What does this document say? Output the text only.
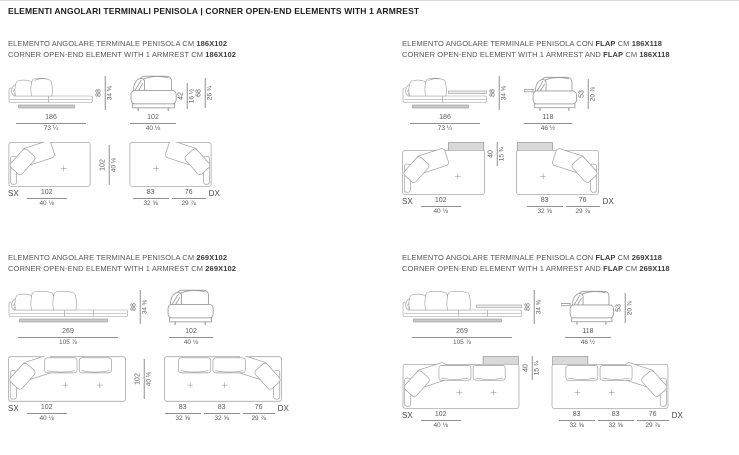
ELEMENTI ANGOLARI TERMINALI PENISOLA | CORNER OPEN-END ELEMENTS WITH 1 ARMREST
ELEMENTO ANGOLARE TERMINALE PENISOLA CM 186X102
CORNER OPEN-END ELEMENT WITH 1 ARMREST CM 186X102
88 34 ⅝	42 16 ½ 68 26 ¾
186
73 ¼
102
40 ⅛
102 40 ⅛
SX	102
40 ⅛
83
32 ⅝
76
29 ⅞
DX
ELEMENTO ANGOLARE TERMINALE PENISOLA CON FLAP CM 186X118
CORNER OPEN-END ELEMENT WITH 1 ARMREST AND FLAP CM 186X118
88 34 ⅝	53 20 ⅞
186
73 ¼
118
46 ½
40 15 ¾
SX	102
40 ⅛
83
32 ⅝
76
29 ⅞
DX
ELEMENTO ANGOLARE TERMINALE PENISOLA CM 269X102
CORNER OPEN-END ELEMENT WITH 1 ARMREST CM 269X102
88 34 ⅝
269
105 ⅞
102
40 ⅛
102 40 ⅛
SX	102
40 ⅛
83
32 ⅝
83
32 ⅝
76
29 ⅞
DX
ELEMENTO ANGOLARE TERMINALE PENISOLA CON FLAP CM 269X118
CORNER OPEN-END ELEMENT WITH 1 ARMREST AND FLAP CM 269X118
88 34 ⅝	53 20 ⅞
269
105 ⅞
118
46 ½
40 15 ¾
SX	102
40 ⅛
83
32 ⅝
83
32 ⅝
76
29 ⅞
DX
